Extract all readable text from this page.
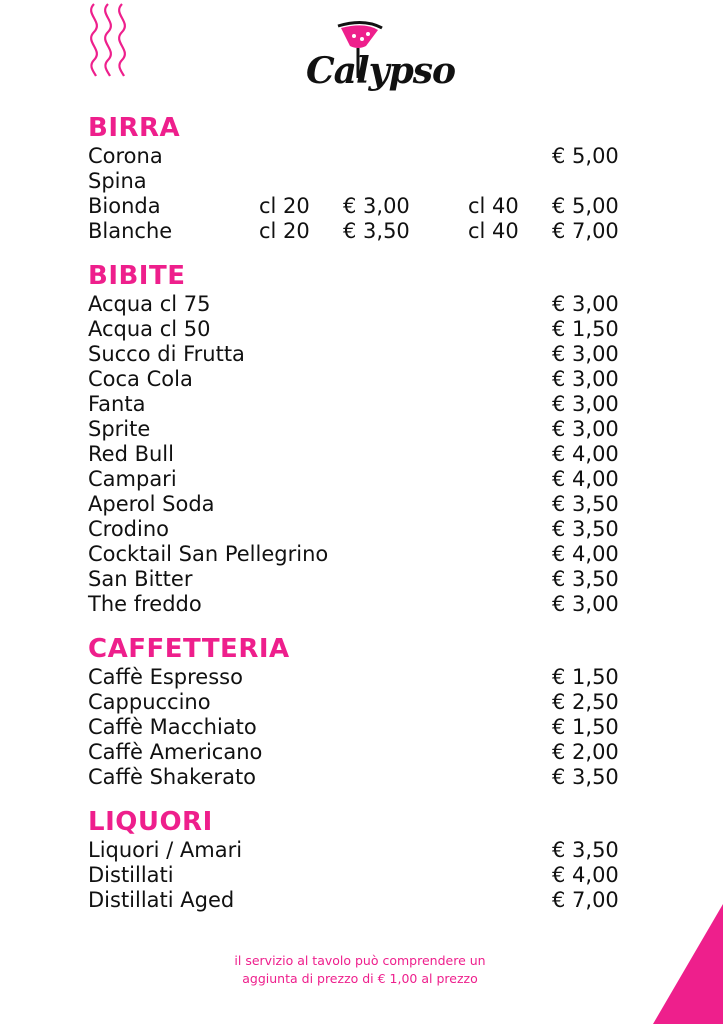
Calypso
BIRRA
Corona	€ 5,00
Spina
Bionda	cl 20 € 3,00	cl 40 € 5,00
Blanche	cl 20 € 3,50	cl 40 € 7,00
BIBITE
Acqua cl 75	€ 3,00
Acqua cl 50	€ 1,50
Succo di Frutta	€ 3,00
Coca Cola	€ 3,00
Fanta	€ 3,00
Sprite	€ 3,00
Red Bull	€ 4,00
Campari	€ 4,00
Aperol Soda	€ 3,50
Crodino	€ 3,50
Cocktail San Pellegrino	€ 4,00
San Bitter	€ 3,50
The freddo	€ 3,00
CAFFETTERIA
Caffè Espresso	€ 1,50
Cappuccino	€ 2,50
Caffè Macchiato	€ 1,50
Caffè Americano	€ 2,00
Caffè Shakerato	€ 3,50
LIQUORI
Liquori / Amari	€ 3,50
Distillati	€ 4,00
Distillati Aged	€ 7,00
il servizio al tavolo può comprendere un
aggiunta di prezzo di € 1,00 al prezzo
